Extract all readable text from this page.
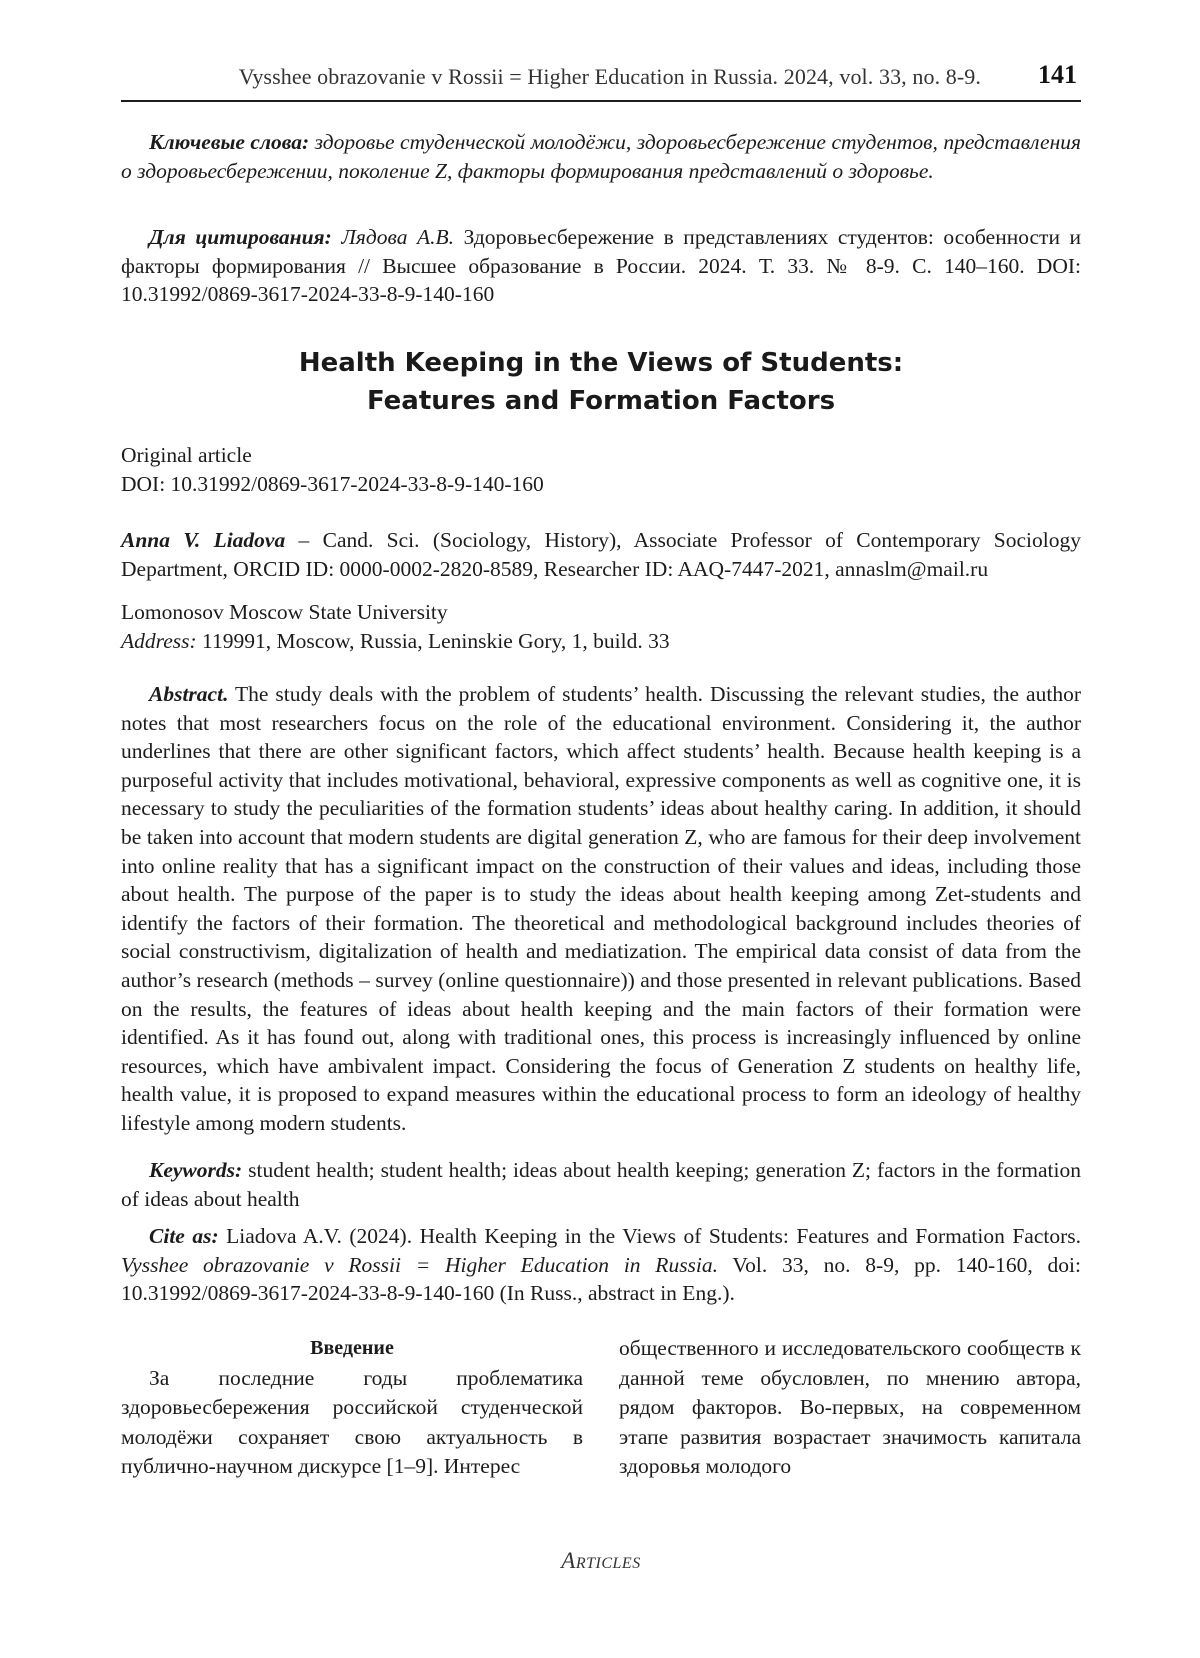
Vysshee obrazovanie v Rossii = Higher Education in Russia. 2024, vol. 33, no. 8-9. 141

Ключевые слова: здоровье студенческой молодёжи, здоровьесбережение студентов, представления о здоровьесбережении, поколение Z, факторы формирования представлений о здоровье.

Для цитирования: Лядова А.В. Здоровьесбережение в представлениях студентов: особенности и факторы формирования // Высшее образование в России. 2024. Т. 33. № 8-9. С. 140–160. DOI: 10.31992/0869-3617-2024-33-8-9-140-160

Health Keeping in the Views of Students:
Features and Formation Factors
Original article
DOI: 10.31992/0869-3617-2024-33-8-9-140-160

Anna V. Liadova – Cand. Sci. (Sociology, History), Associate Professor of Contemporary Sociology Department, ORCID ID: 0000-0002-2820-8589, Researcher ID: AAQ-7447-2021, annaslm@mail.ru

Lomonosov Moscow State University
Address: 119991, Moscow, Russia, Leninskie Gory, 1, build. 33

Abstract. The study deals with the problem of students’ health. Discussing the relevant studies, the author notes that most researchers focus on the role of the educational environment. Considering it, the author underlines that there are other significant factors, which affect students’ health. Because health keeping is a purposeful activity that includes motivational, behavioral, expressive components as well as cognitive one, it is necessary to study the peculiarities of the formation students’ ideas about healthy caring. In addition, it should be taken into account that modern students are digital generation Z, who are famous for their deep involvement into online reality that has a significant impact on the construction of their values and ideas, including those about health. The purpose of the paper is to study the ideas about health keeping among Zet-students and identify the factors of their formation. The theoretical and methodological background includes theories of social constructivism, digitalization of health and mediatization. The empirical data consist of data from the author’s research (methods – survey (online questionnaire)) and those presented in relevant publications. Based on the results, the features of ideas about health keeping and the main factors of their formation were identified. As it has found out, along with traditional ones, this process is increasingly influenced by online resources, which have ambivalent impact. Considering the focus of Generation Z students on healthy life, health value, it is proposed to expand measures within the educational process to form an ideology of healthy lifestyle among modern students.

Keywords: student health; student health; ideas about health keeping; generation Z; factors in the formation of ideas about health

Cite as: Liadova A.V. (2024). Health Keeping in the Views of Students: Features and Formation Factors. Vysshee obrazovanie v Rossii = Higher Education in Russia. Vol. 33, no. 8-9, pp. 140-160, doi: 10.31992/0869-3617-2024-33-8-9-140-160 (In Russ., abstract in Eng.).

Введение

За последние годы проблематика здоровьесбережения российской студенческой молодёжи сохраняет свою актуальность в публично-научном дискурсе [1–9]. Интерес

общественного и исследовательского сообществ к данной теме обусловлен, по мнению автора, рядом факторов. Во-первых, на современном этапе развития возрастает значимость капитала здоровья молодого

Articles
